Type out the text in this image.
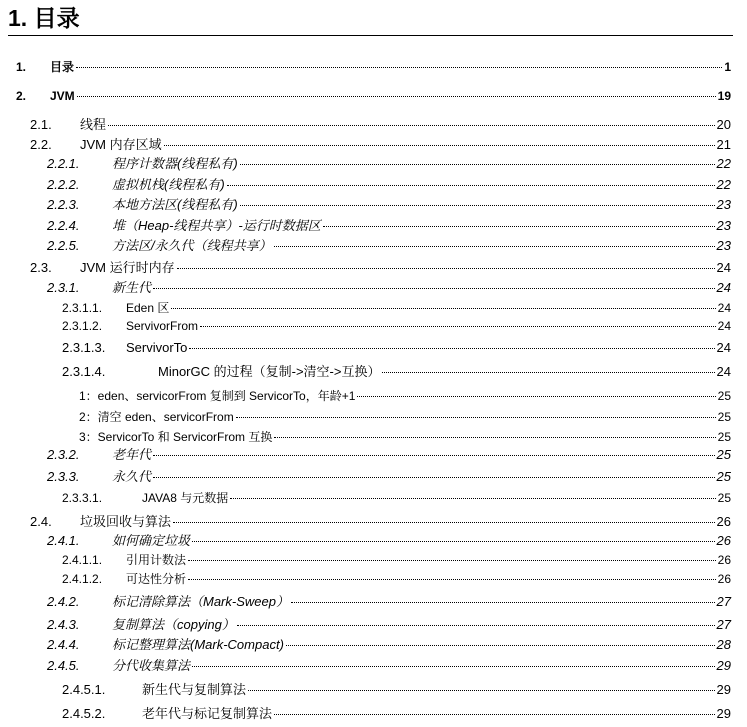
1. 目录
1.	目录	1
2.	JVM	19
2.1.	线程	20
2.2.	JVM 内存区域	21
2.2.1.	程序计数器(线程私有)	22
2.2.2.	虚拟机栈(线程私有)	22
2.2.3.	本地方法区(线程私有)	23
2.2.4.	堆（Heap-线程共享）-运行时数据区	23
2.2.5.	方法区/永久代（线程共享）	23
2.3.	JVM 运行时内存	24
2.3.1.	新生代	24
2.3.1.1.	Eden 区	24
2.3.1.2.	ServivorFrom	24
2.3.1.3.	ServivorTo	24
2.3.1.4.	MinorGC 的过程（复制->清空->互换）	24
1：eden、servicorFrom 复制到 ServicorTo，年龄+1	25
2：清空 eden、servicorFrom	25
3：ServicorTo 和 ServicorFrom 互换	25
2.3.2.	老年代	25
2.3.3.	永久代	25
2.3.3.1.	JAVA8 与元数据	25
2.4.	垃圾回收与算法	26
2.4.1.	如何确定垃圾	26
2.4.1.1.	引用计数法	26
2.4.1.2.	可达性分析	26
2.4.2.	标记清除算法（Mark-Sweep）	27
2.4.3.	复制算法（copying）	27
2.4.4.	标记整理算法(Mark-Compact)	28
2.4.5.	分代收集算法	29
2.4.5.1.	新生代与复制算法	29
2.4.5.2.	老年代与标记复制算法	29
